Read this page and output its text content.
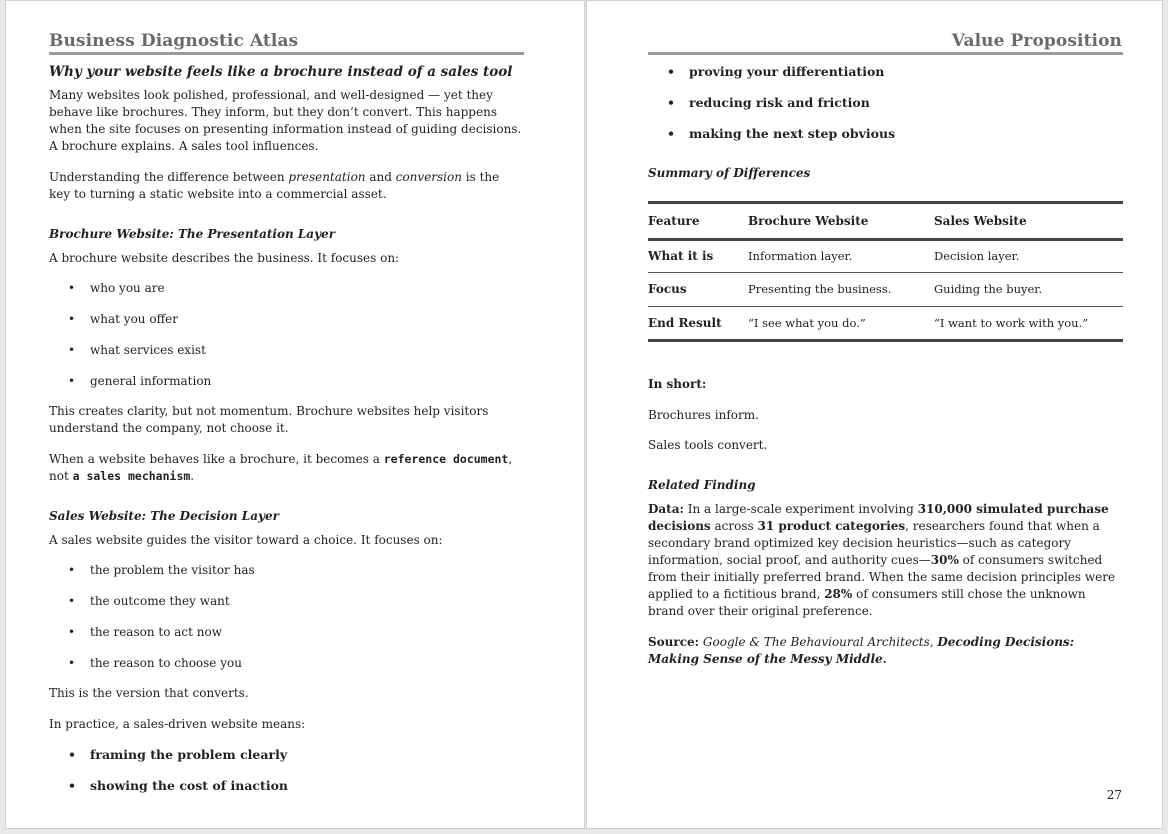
Business Diagnostic Atlas

Why your website feels like a brochure instead of a sales tool

Many websites look polished, professional, and well-designed — yet they behave like brochures. They inform, but they don’t convert. This happens when the site focuses on presenting information instead of guiding decisions. A brochure explains. A sales tool influences.

Understanding the difference between presentation and conversion is the key to turning a static website into a commercial asset.

Brochure Website: The Presentation Layer

A brochure website describes the business. It focuses on:

• who you are
• what you offer
• what services exist
• general information

This creates clarity, but not momentum. Brochure websites help visitors understand the company, not choose it.

When a website behaves like a brochure, it becomes a reference document, not a sales mechanism.

Sales Website: The Decision Layer

A sales website guides the visitor toward a choice. It focuses on:

• the problem the visitor has
• the outcome they want
• the reason to act now
• the reason to choose you

This is the version that converts.

In practice, a sales-driven website means:

• framing the problem clearly
• showing the cost of inaction
Value Proposition
• proving your differentiation
• reducing risk and friction
• making the next step obvious

Summary of Differences

Feature	Brochure Website	Sales Website
What it is	Information layer.	Decision layer.
Focus	Presenting the business.	Guiding the buyer.
End Result	“I see what you do.”	“I want to work with you.”

In short:

Brochures inform.

Sales tools convert.

Related Finding

Data: In a large-scale experiment involving 310,000 simulated purchase decisions across 31 product categories, researchers found that when a secondary brand optimized key decision heuristics—such as category information, social proof, and authority cues—30% of consumers switched from their initially preferred brand. When the same decision principles were applied to a fictitious brand, 28% of consumers still chose the unknown brand over their original preference.

Source: Google & The Behavioural Architects, Decoding Decisions: Making Sense of the Messy Middle.

27
